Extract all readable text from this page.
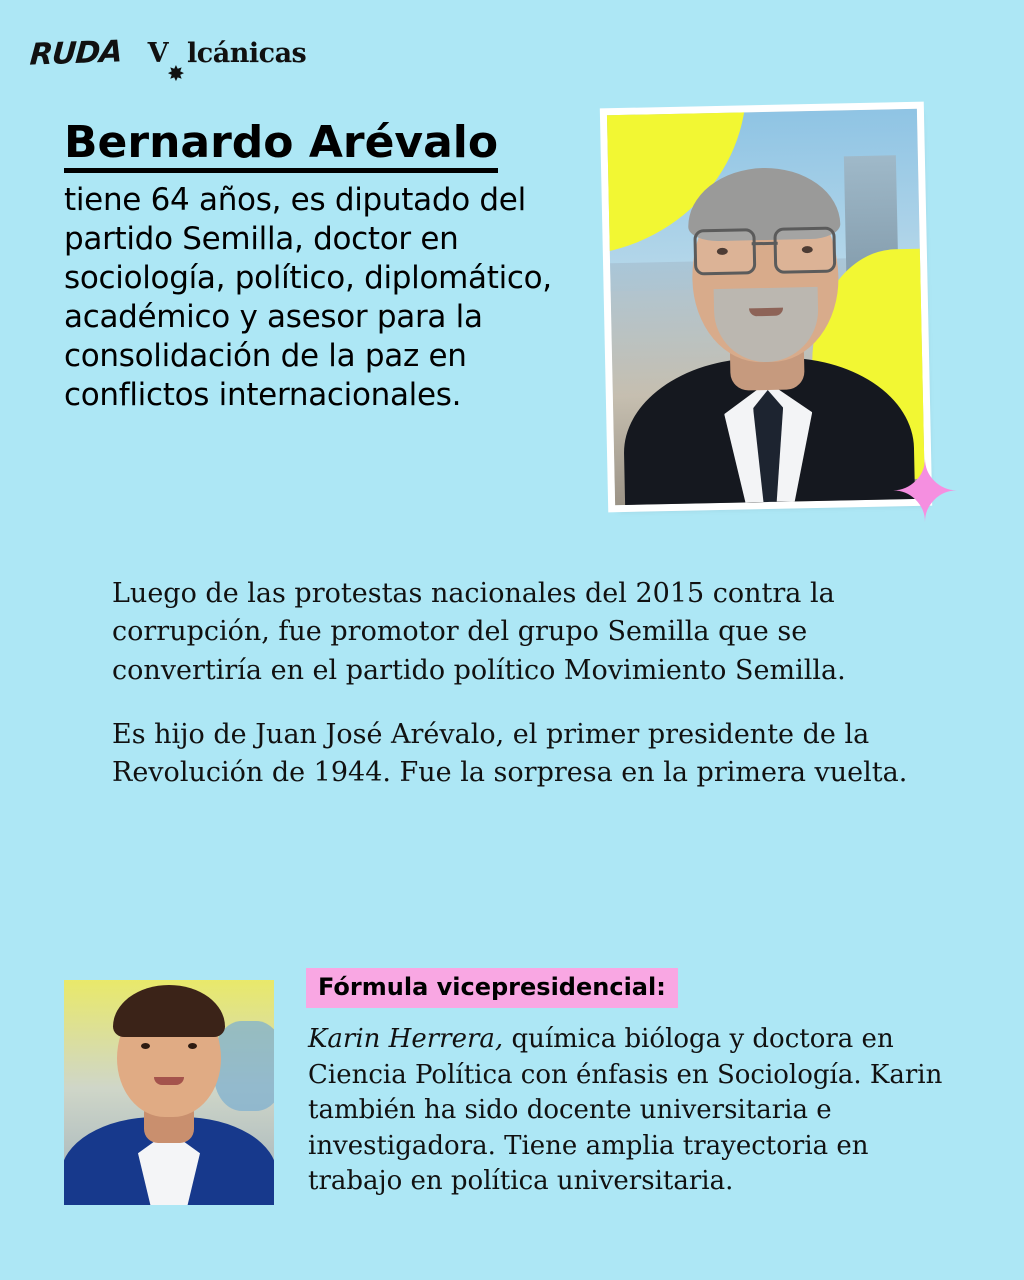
RUDA V lcánicas
Bernardo Arévalo
tiene 64 años, es diputado del partido Semilla, doctor en sociología, político, diplomático, académico y asesor para la consolidación de la paz en conflictos internacionales.
✦

Luego de las protestas nacionales del 2015 contra la corrupción, fue promotor del grupo Semilla que se convertiría en el partido político Movimiento Semilla.

Es hijo de Juan José Arévalo, el primer presidente de la Revolución de 1944. Fue la sorpresa en la primera vuelta.

Fórmula vicepresidencial:
Karin Herrera, química bióloga y doctora en Ciencia Política con énfasis en Sociología. Karin también ha sido docente universitaria e investigadora. Tiene amplia trayectoria en trabajo en política universitaria.
